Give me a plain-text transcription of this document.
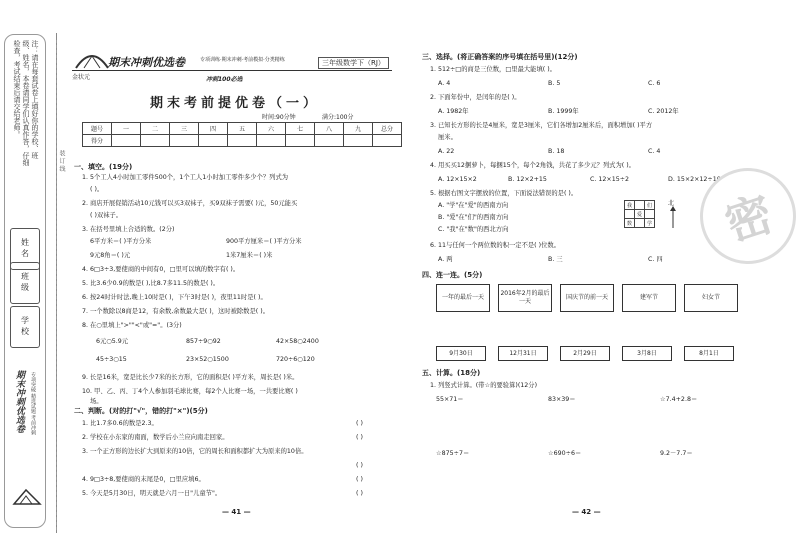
注：请在每套试卷上填好你的学校、班级、姓名，本卷请同学们认真作答，仔细检查，考试结束后请交给老师。
姓名
班级
学校
期末冲刺优选卷	专项突破 精选试题 考前冲刺
装 订 线
金状元
期末冲刺优选卷	专项训练·期末冲刺·考前模拟·分类精练	三年级数学下（RJ）
冲刺100必选
期末考前提优卷（一）
时间:90分钟	满分:100分
题号	一	二	三	四	五	六	七	八	九	总分
得分										
一、填空。(19分)
1. 5个工人4小时加工零件500个，1个工人1小时加工零件多少个？列式为
( )。
2. 商店开展促销活动10元钱可以买3双袜子，买9双袜子需要( )元，50元能买
( )双袜子。
3. 在括号里填上合适的数。(2分)
6平方米＝( )平方分米	900平方厘米＝( )平方分米
9元8角＝( )元	1米7厘米＝( )米
4. 6□3÷3,要使商的中间有0，□里可以填的数字有( )。
5. 比3.6少0.9的数是( ),比8.7多11.5的数是( )。
6. 按24时计时法,晚上10时是( )，下午3时是( )，夜里11时是( )。
7. 一个数除以8商是12，有余数,余数最大是( )，这时被除数是( )。
8. 在○里填上">""<"或"="。(3分)
6元○5.9元	857÷9○92	42×58○2400
45÷3○15	23×52○1500	720÷6○120
9. 长是16米，宽是比长少7米的长方形，它的面积是( )平方米，周长是( )米。
10. 甲、乙、丙、丁4个人参加羽毛球比赛，每2个人比赛一场，一共要比赛( )
场。
二、判断。(对的打"√"，错的打"×")(5分)
1. 比1.7多0.6的数是2.3。	( )
2. 学校在小东家的南面，数学后小兰应向南走回家。	( )
3. 一个正方形的边长扩大到原来的10倍，它的周长和面积都扩大为原来的10倍。
( )
4. 9□3÷8,要使商的末尾是0，□里应填6。	( )
5. 今天是5月30日，明天就是六月一日"儿童节"。	( )
— 41 —
三、选择。(将正确答案的序号填在括号里)(12分)
1. 512÷□的商是三位数，□里最大能填( )。
A. 4	B. 5	C. 6
2. 下面年份中，是闰年的是( )。
A. 1982年	B. 1999年	C. 2012年
3. 已知长方形的长是4厘米，宽是3厘米，它们各增加2厘米后，面积增加( )平方
厘米。
A. 22	B. 18	C. 4
4. 用买买12捆萝卜，每捆15个，每个2角钱，共花了多少元？列式为( )。
A. 12×15×2	B. 12×2+15	C. 12×15÷2	D. 15×2×12÷10
5. 根据右图文字摆放的位置，下面说法错误的是( )。
A. "学"在"爱"的西南方向
B. "爱"在"们"的西南方向
C. "我"在"数"的西北方向
我		们
	爱	
数		学
北
6. 11与任何一个两位数的积一定不是( )位数。
A. 两	B. 三	C. 四
四、连一连。(5分)
一年的最后一天
2016年2月的最后一天
国庆节的前一天	建军节	妇女节
9月30日	12月31日	2月29日	3月8日	8月1日
五、计算。(18分)
1. 列竖式计算。(带☆的要验算)(12分)
55×71＝	83×39＝	☆7.4+2.8＝
☆875÷7＝	☆690÷6＝	9.2－7.7＝
— 42 —
密
